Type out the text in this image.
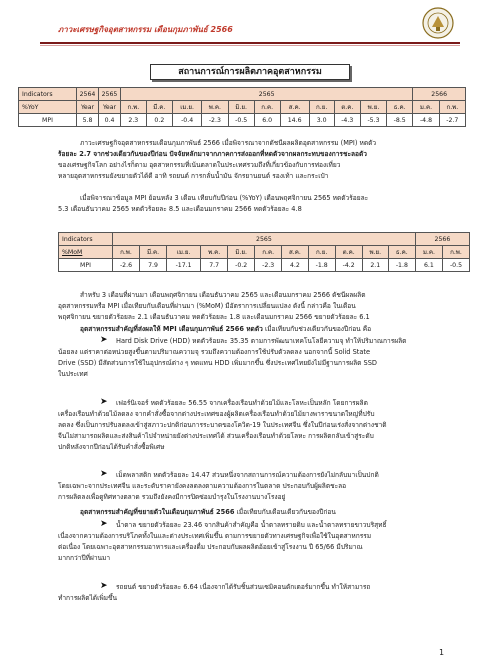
ภาวะเศรษฐกิจอุตสาหกรรม เดือนกุมภาพันธ์ 2566
สถานการณ์การผลิตภาคอุตสาหกรรม
Indicators	2564	2565	2565											2566	
%YoY	Year	Year	ก.พ.	มี.ค.	เม.ย.	พ.ค.	มิ.ย.	ก.ค.	ส.ค.	ก.ย.	ต.ค.	พ.ย.	ธ.ค.	ม.ค.	ก.พ.
MPI	5.8	0.4	2.3	0.2	-0.4	-2.3	-0.5	6.0	14.6	3.0	-4.3	-5.3	-8.5	-4.8	-2.7
ภาวะเศรษฐกิจอุตสาหกรรมเดือนกุมภาพันธ์ 2566 เมื่อพิจารณาจากดัชนีผลผลิตอุตสาหกรรม (MPI) หดตัว
ร้อยละ 2.7 จากช่วงเดียวกันของปีก่อน ปัจจัยหลักมาจากภาคการส่งออกที่หดตัวจากผลกระทบของการชะลอตัว
ของเศรษฐกิจโลก อย่างไรก็ตาม อุตสาหกรรมที่เน้นตลาดในประเทศรวมถึงที่เกี่ยวข้องกับการท่องเที่ยว
หลายอุตสาหกรรมยังขยายตัวได้ดี อาทิ รถยนต์ การกลั่นน้ำมัน จักรยานยนต์ รองเท้า และกระเป๋า
เมื่อพิจารณาข้อมูล MPI ย้อนหลัง 3 เดือน เทียบกับปีก่อน (%YoY) เดือนพฤศจิกายน 2565 หดตัวร้อยละ
5.3 เดือนธันวาคม 2565 หดตัวร้อยละ 8.5 และเดือนมกราคม 2566 หดตัวร้อยละ 4.8
Indicators	2565											2566	
%MoM	ก.พ.	มี.ค.	เม.ย.	พ.ค.	มิ.ย.	ก.ค.	ส.ค.	ก.ย.	ต.ค.	พ.ย.	ธ.ค.	ม.ค.	ก.พ.
MPI	-2.6	7.9	-17.1	7.7	-0.2	-2.3	4.2	-1.8	-4.2	2.1	-1.8	6.1	-0.5
สำหรับ 3 เดือนที่ผ่านมา เดือนพฤศจิกายน เดือนธันวาคม 2565 และเดือนมกราคม 2566 ดัชนีผลผลิต
อุตสาหกรรมหรือ MPI เมื่อเทียบกับเดือนที่ผ่านมา (%MoM) มีอัตราการเปลี่ยนแปลง ดังนี้ กล่าวคือ ในเดือน
พฤศจิกายน ขยายตัวร้อยละ 2.1 เดือนธันวาคม หดตัวร้อยละ 1.8 และเดือนมกราคม 2566 ขยายตัวร้อยละ 6.1
อุตสาหกรรมสำคัญที่ส่งผลให้ MPI เดือนกุมภาพันธ์ 2566 หดตัว เมื่อเทียบกับช่วงเดียวกันของปีก่อน คือ
➤	Hard Disk Drive (HDD) หดตัวร้อยละ 35.35 ตามการพัฒนาเทคโนโลยีความจุ ทำให้ปริมาณการผลิต
น้อยลง แต่ราคาต่อหน่วยสูงขึ้นตามปริมาณความจุ รวมถึงความต้องการใช้ปรับตัวลดลง นอกจากนี้ Solid State
Drive (SSD) มีสัดส่วนการใช้ในอุปกรณ์ต่าง ๆ ทดแทน HDD เพิ่มมากขึ้น ซึ่งประเทศไทยยังไม่มีฐานการผลิต SSD
ในประเทศ
➤	เฟอร์นิเจอร์ หดตัวร้อยละ 56.55 จากเครื่องเรือนทำด้วยไม้และโลหะเป็นหลัก โดยการผลิต
เครื่องเรือนทำด้วยไม้ลดลง จากคำสั่งซื้อจากต่างประเทศของผู้ผลิตเครื่องเรือนทำด้วยไม้ยางพาราขนาดใหญ่ที่ปรับ
ลดลง ซึ่งเป็นการปรับลดลงเข้าสู่สภาวะปกติก่อนการระบาดของโควิด-19 ในประเทศจีน ซึ่งในปีก่อนเร่งสั่งจากต่างชาติ
จีนไม่สามารถผลิตและส่งสินค้าไปจำหน่ายยังต่างประเทศได้ ส่วนเครื่องเรือนทำด้วยโลหะ การผลิตกลับเข้าสู่ระดับ
ปกติหลังจากปีก่อนได้รับคำสั่งซื้อพิเศษ
➤	เม็ดพลาสติก หดตัวร้อยละ 14.47 ส่วนหนึ่งจากสถานการณ์ความต้องการยังไม่กลับมาเป็นปกติ
โดยเฉพาะจากประเทศจีน และระดับราคายังคงลดลงตามความต้องการในตลาด ประกอบกับผู้ผลิตชะลอ
การผลิตลงเพื่อดูทิศทางตลาด รวมถึงยังคงมีการปิดซ่อมบำรุงในโรงงานบางโรงอยู่
อุตสาหกรรมสำคัญที่ขยายตัวในเดือนกุมภาพันธ์ 2566 เมื่อเทียบกับเดือนเดียวกันของปีก่อน
➤	น้ำตาล ขยายตัวร้อยละ 23.46 จากสินค้าสำคัญคือ น้ำตาลทรายดิบ และน้ำตาลทรายขาวบริสุทธิ์
เนื่องจากความต้องการบริโภคทั้งในและต่างประเทศเพิ่มขึ้น ตามการขยายตัวทางเศรษฐกิจเพื่อใช้ในอุตสาหกรรม
ต่อเนื่อง โดยเฉพาะอุตสาหกรรมอาหารและเครื่องดื่ม ประกอบกับผลผลิตอ้อยเข้าสู่โรงงาน ปี 65/66 มีปริมาณ
มากกว่าปีที่ผ่านมา
➤	รถยนต์ ขยายตัวร้อยละ 6.64 เนื่องจากได้รับชิ้นส่วนเซมิคอนดักเตอร์มากขึ้น ทำให้สามารถ
ทำการผลิตได้เพิ่มขึ้น
1
